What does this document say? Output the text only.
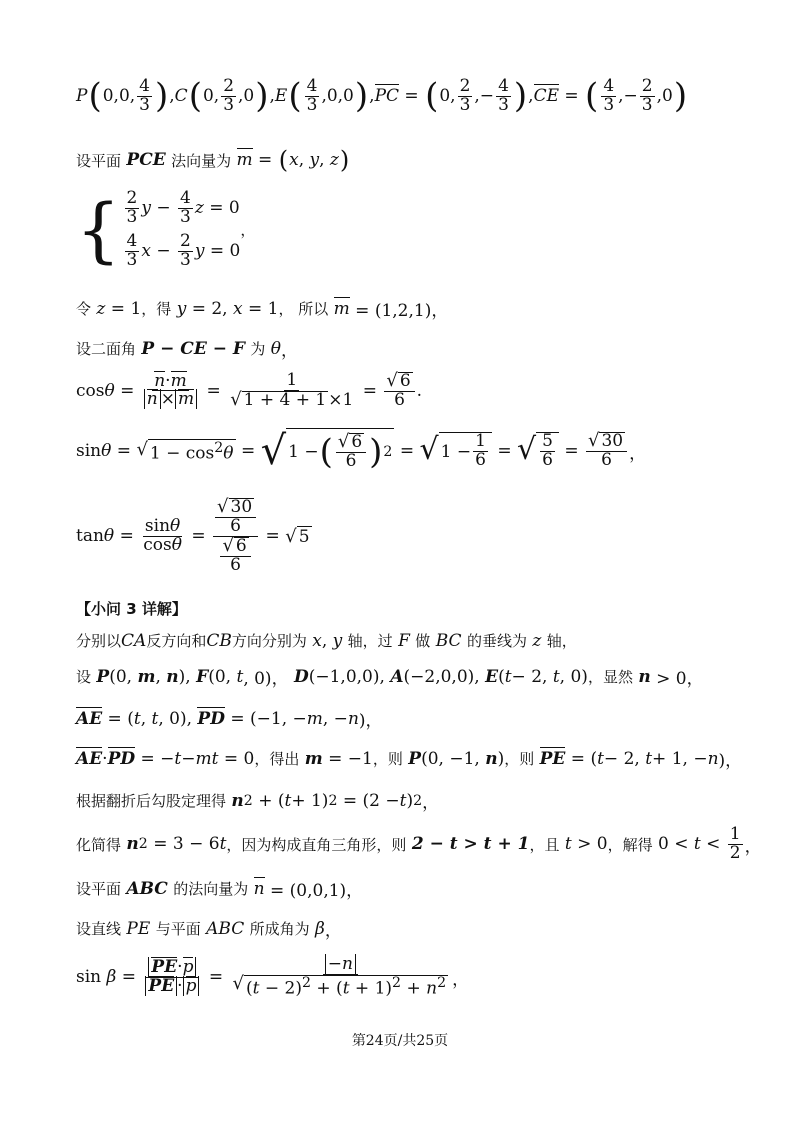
P ( 0,0, $\frac{4}{3}$ ) , C ( 0, $\frac{2}{3} ,0$ ) , E ( $\frac{4}{3} ,0,0$ ) , PC = ( 0, $\frac{2}{3}$ ,− $\frac{4}{3}$ ) , CE = ( $\frac{4}{3}$ ,− $\frac{2}{3} ,0$ )
设平面
PCE
法向量为
m = ( x , y , z )
{ $\frac{2}{3}$ $y - \frac{4}{3}$ z = 0
$\frac{4}{3}$ $x - \frac{2}{3}$ y = 0
，
令
z = 1 ，得
y = 2, x = 1 ， 所以
m = (1,2,1)，
设二面角
P − CE − F
为
θ ，
$\cos \theta = \frac{n\cdot m}{n \times m} = \frac{1}{√ 1 + 4 + 1 \times 1} = \frac{√ 6}{6}$ .
sin θ = √ $1 - \cos^2\theta$ = √ 1 − ( $\frac{√ 6}{6}$ ) 2 = √ $1 - \frac{1}{6}$ = √ $\frac{5}{6} = \frac{√ 30}{6}$ ，
$\tan \theta = \frac{\sin\theta}{\cos\theta} = \frac{\frac{√ 30}{6}}{\frac{√ 6}{6}}$ = √ 5
【小问 3 详解】
分别以 CA 反方向和 CB 方向分别为
x , y
轴，过
F
做
BC
的垂线为
z
轴，
设
P (0, m , n ), F (0, t , 0)， D (−1,0,0), A (−2,0,0), E ( t − 2, t , 0) ，显然
n > 0，
AE = ( t , t , 0), PD = (−1, − m , − n )，
AE · PD = − t − mt = 0 ，得出
m = −1 ，则
P (0, −1, n ) ，则
PE = ( t − 2, t + 1, − n )，
根据翻折后勾股定理得
n 2 + ( t + 1) 2 = (2 − t ) 2 ，
化简得
n 2 = 3 − 6 t ，因为构成直角三角形，则
2 − t > t + 1 ，且
t > 0 ，解得 $0 < t < \frac{1}{2}$ ，
设平面
ABC
的法向量为
n = (0,0,1)，
设直线
PE
与平面
ABC
所成角为
β ，
$\sin \beta = \frac{PE\cdot p}{PE \cdot p} = \frac{-n}{√ (t - 2)^2 + (t + 1)^2 + n^2}$ ，
第24页/共25页
